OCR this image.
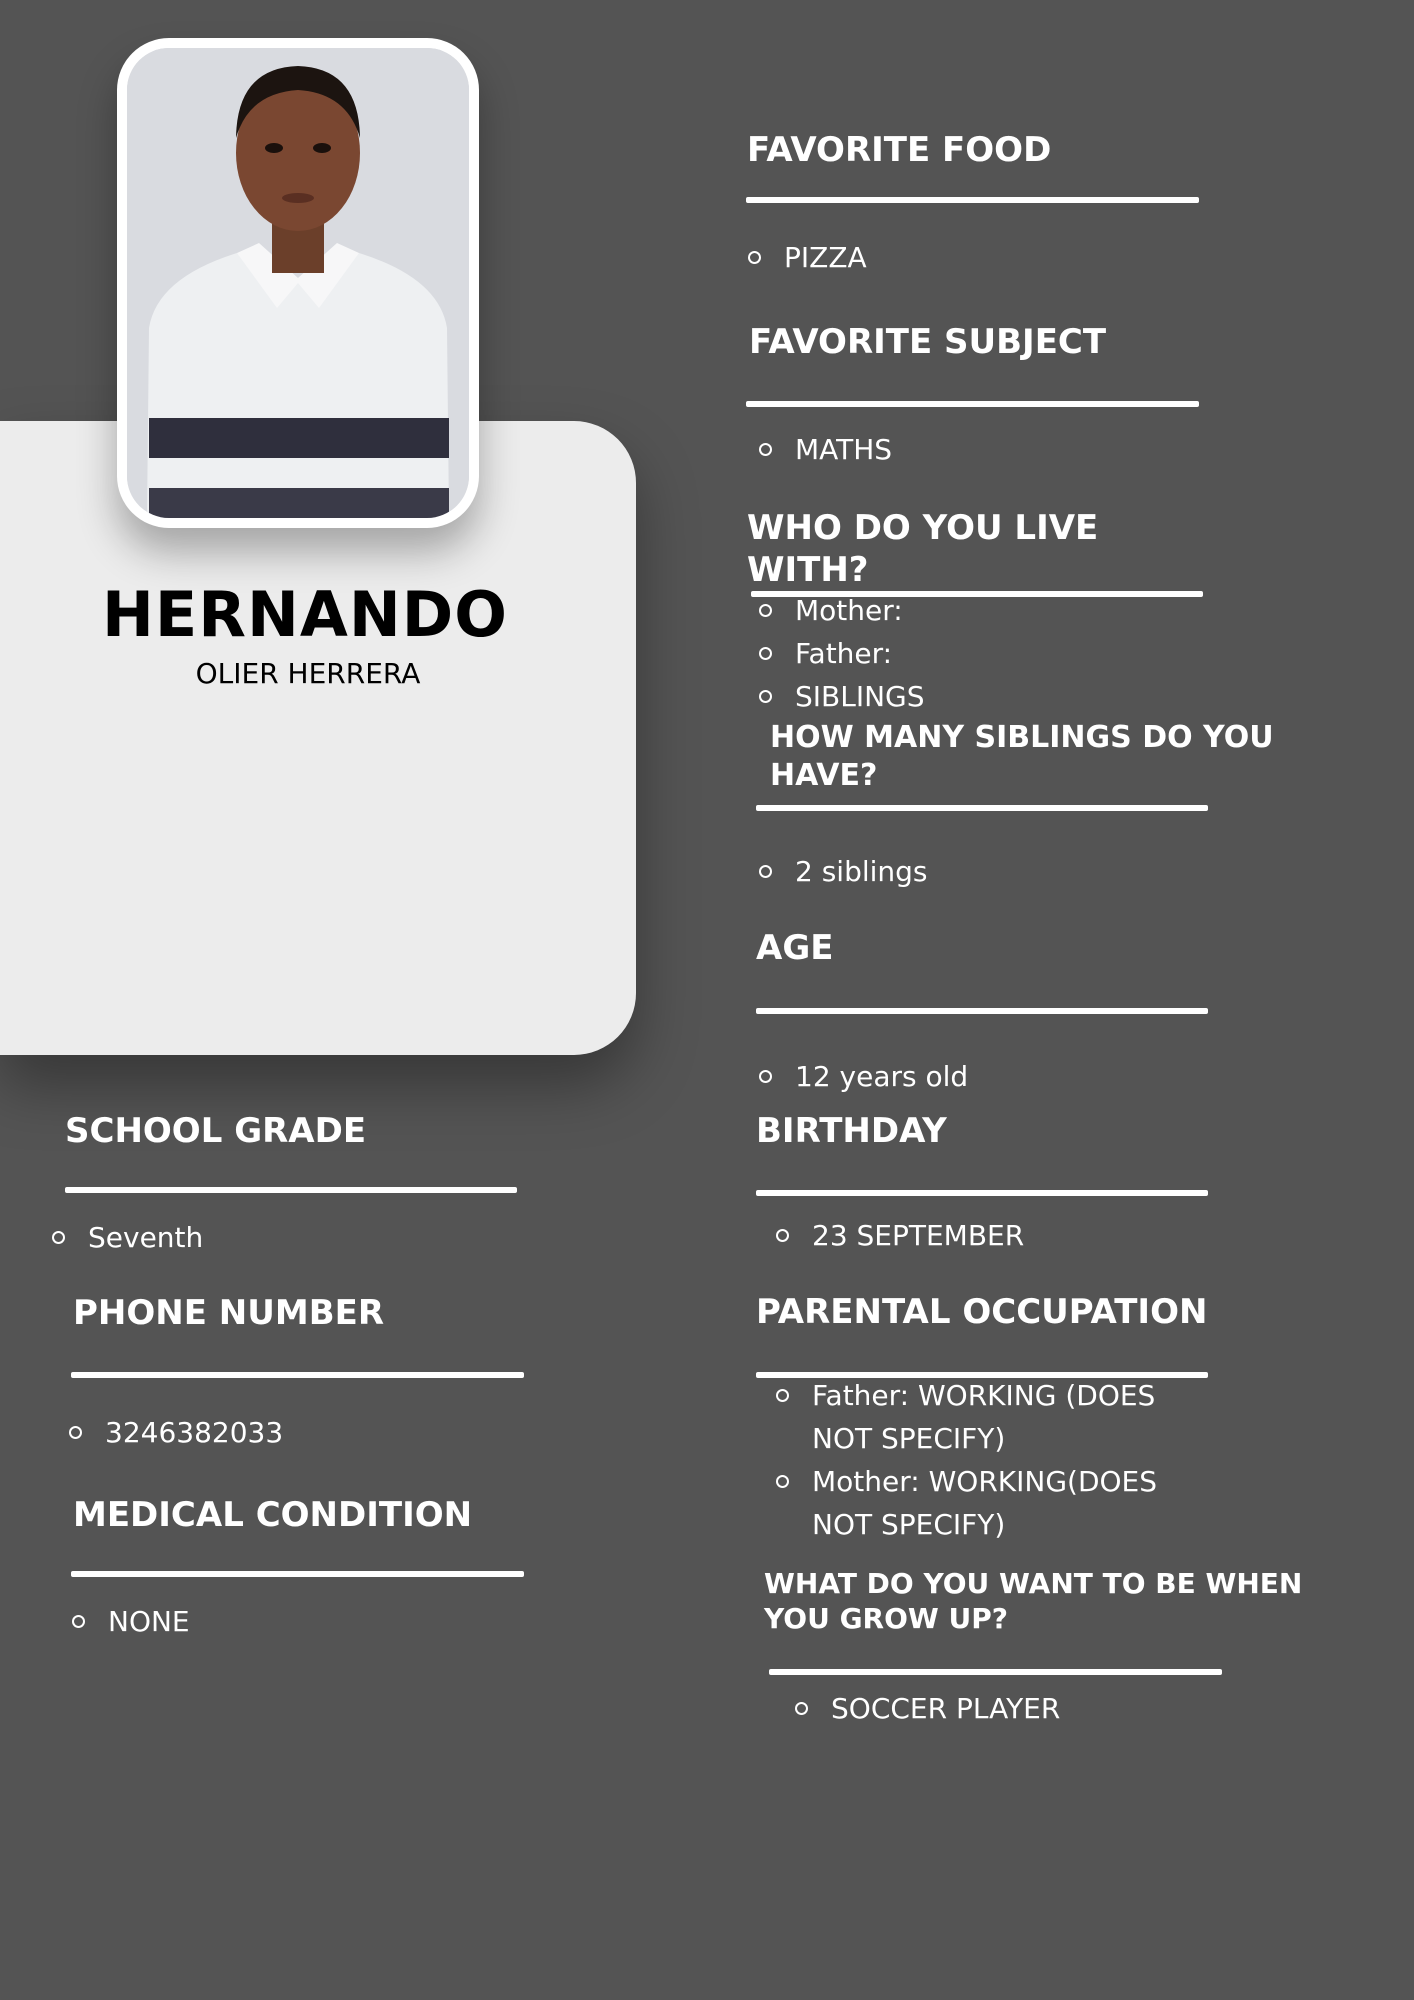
HERNANDO
OLIER HERRERA
FAVORITE FOOD
PIZZA
FAVORITE SUBJECT
MATHS
WHO DO YOU LIVE
WITH?
Mother:
Father:
SIBLINGS
HOW MANY SIBLINGS DO YOU
HAVE?
2 siblings
AGE
12 years old
BIRTHDAY
23 SEPTEMBER
PARENTAL OCCUPATION
Father: WORKING (DOES
NOT SPECIFY)
Mother: WORKING(DOES
NOT SPECIFY)
WHAT DO YOU WANT TO BE WHEN
YOU GROW UP?
SOCCER PLAYER
SCHOOL GRADE
Seventh
PHONE NUMBER
3246382033
MEDICAL CONDITION
NONE
